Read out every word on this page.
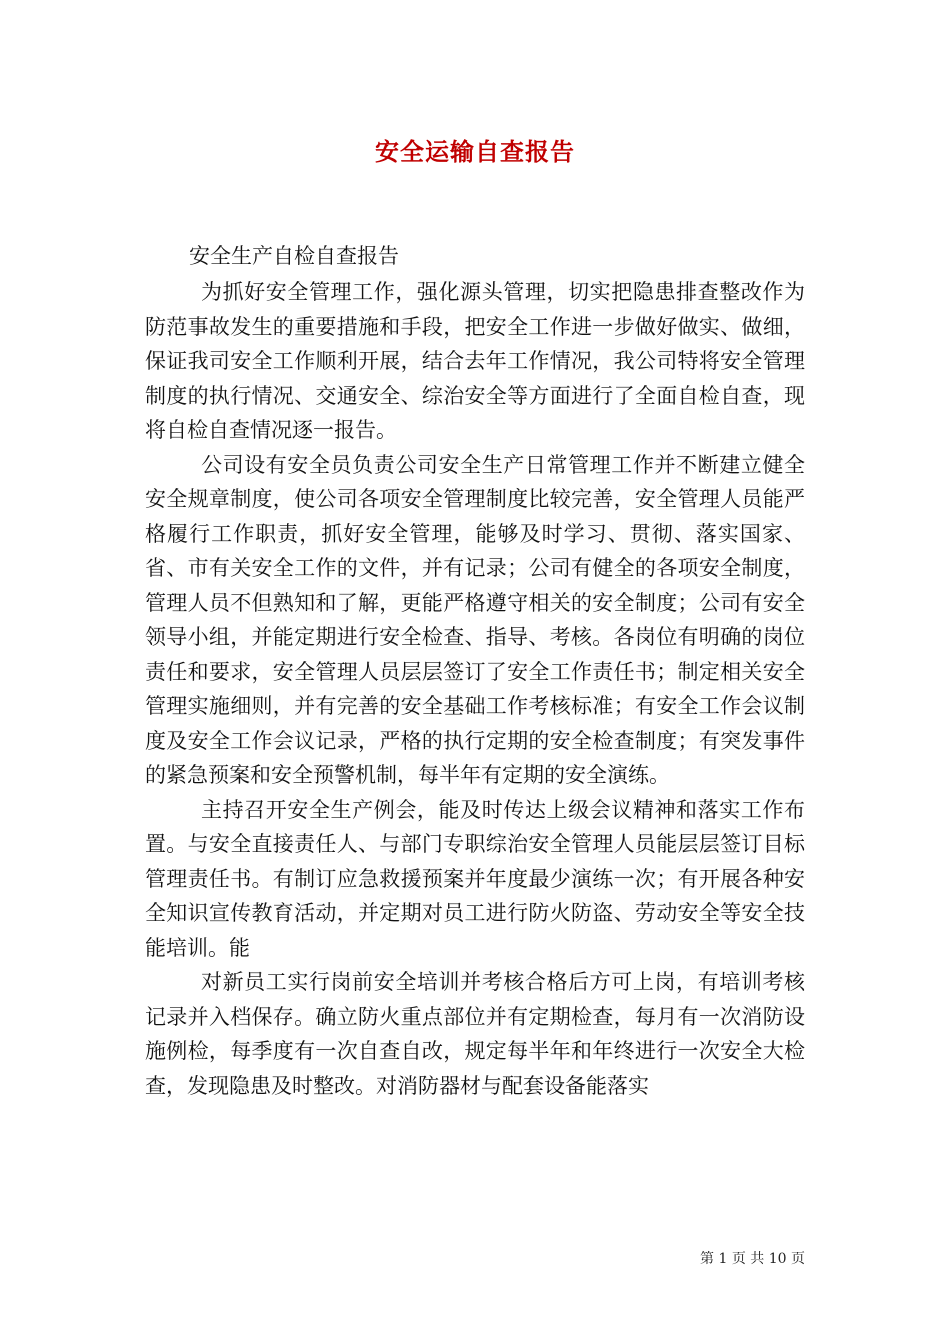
安全运输自查报告

安全生产自检自查报告

为抓好安全管理工作，强化源头管理，切实把隐患排查整改作为防范事故发生的重要措施和手段，把安全工作进一步做好做实、做细，保证我司安全工作顺利开展，结合去年工作情况，我公司特将安全管理制度的执行情况、交通安全、综治安全等方面进行了全面自检自查，现将自检自查情况逐一报告。

公司设有安全员负责公司安全生产日常管理工作并不断建立健全安全规章制度，使公司各项安全管理制度比较完善，安全管理人员能严格履行工作职责，抓好安全管理，能够及时学习、贯彻、落实国家、省、市有关安全工作的文件，并有记录；公司有健全的各项安全制度，管理人员不但熟知和了解，更能严格遵守相关的安全制度；公司有安全领导小组，并能定期进行安全检查、指导、考核。各岗位有明确的岗位责任和要求，安全管理人员层层签订了安全工作责任书；制定相关安全管理实施细则，并有完善的安全基础工作考核标准；有安全工作会议制度及安全工作会议记录，严格的执行定期的安全检查制度；有突发事件的紧急预案和安全预警机制，每半年有定期的安全演练。

主持召开安全生产例会，能及时传达上级会议精神和落实工作布置。与安全直接责任人、与部门专职综治安全管理人员能层层签订目标管理责任书。有制订应急救援预案并年度最少演练一次；有开展各种安全知识宣传教育活动，并定期对员工进行防火防盗、劳动安全等安全技能培训。能

对新员工实行岗前安全培训并考核合格后方可上岗，有培训考核记录并入档保存。确立防火重点部位并有定期检查，每月有一次消防设施例检，每季度有一次自查自改，规定每半年和年终进行一次安全大检查，发现隐患及时整改。对消防器材与配套设备能落实

第 1 页 共 10 页
